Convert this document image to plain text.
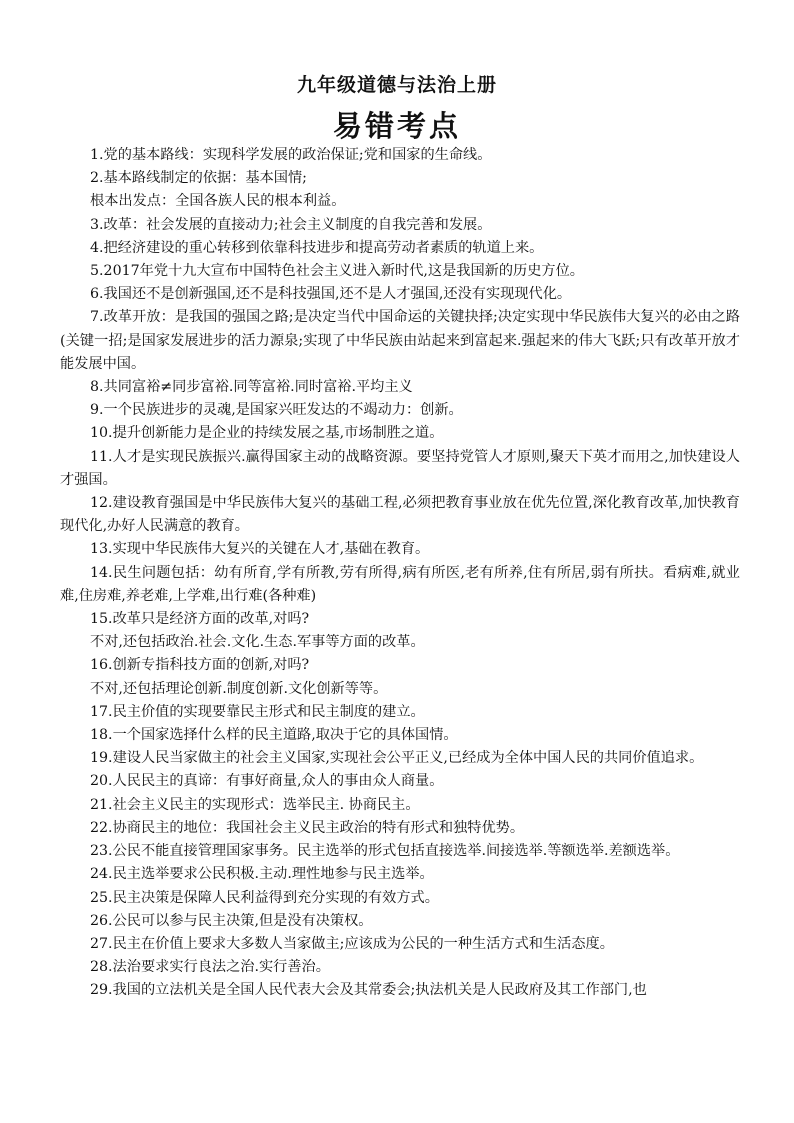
九年级道德与法治上册
易错考点

1.党的基本路线：实现科学发展的政治保证;党和国家的生命线。

2.基本路线制定的依据：基本国情;

根本出发点：全国各族人民的根本利益。

3.改革：社会发展的直接动力;社会主义制度的自我完善和发展。

4.把经济建设的重心转移到依靠科技进步和提高劳动者素质的轨道上来。

5.2017年党十九大宣布中国特色社会主义进入新时代,这是我国新的历史方位。

6.我国还不是创新强国,还不是科技强国,还不是人才强国,还没有实现现代化。

7.改革开放：是我国的强国之路;是决定当代中国命运的关键抉择;决定实现中华民族伟大复兴的必由之路(关键一招;是国家发展进步的活力源泉;实现了中华民族由站起来到富起来.强起来的伟大飞跃;只有改革开放才能发展中国。

8.共同富裕≠同步富裕.同等富裕.同时富裕.平均主义

9.一个民族进步的灵魂,是国家兴旺发达的不竭动力：创新。

10.提升创新能力是企业的持续发展之基,市场制胜之道。

11.人才是实现民族振兴.赢得国家主动的战略资源。要坚持党管人才原则,聚天下英才而用之,加快建设人才强国。

12.建设教育强国是中华民族伟大复兴的基础工程,必须把教育事业放在优先位置,深化教育改革,加快教育现代化,办好人民满意的教育。

13.实现中华民族伟大复兴的关键在人才,基础在教育。

14.民生问题包括：幼有所育,学有所教,劳有所得,病有所医,老有所养,住有所居,弱有所扶。看病难,就业难,住房难,养老难,上学难,出行难(各种难)

15.改革只是经济方面的改革,对吗?

不对,还包括政治.社会.文化.生态.军事等方面的改革。

16.创新专指科技方面的创新,对吗?

不对,还包括理论创新.制度创新.文化创新等等。

17.民主价值的实现要靠民主形式和民主制度的建立。

18.一个国家选择什么样的民主道路,取决于它的具体国情。

19.建设人民当家做主的社会主义国家,实现社会公平正义,已经成为全体中国人民的共同价值追求。

20.人民民主的真谛：有事好商量,众人的事由众人商量。

21.社会主义民主的实现形式：选举民主. 协商民主。

22.协商民主的地位：我国社会主义民主政治的特有形式和独特优势。

23.公民不能直接管理国家事务。民主选举的形式包括直接选举.间接选举.等额选举.差额选举。

24.民主选举要求公民积极.主动.理性地参与民主选举。

25.民主决策是保障人民利益得到充分实现的有效方式。

26.公民可以参与民主决策,但是没有决策权。

27.民主在价值上要求大多数人当家做主;应该成为公民的一种生活方式和生活态度。

28.法治要求实行良法之治.实行善治。

29.我国的立法机关是全国人民代表大会及其常委会;执法机关是人民政府及其工作部门,也
